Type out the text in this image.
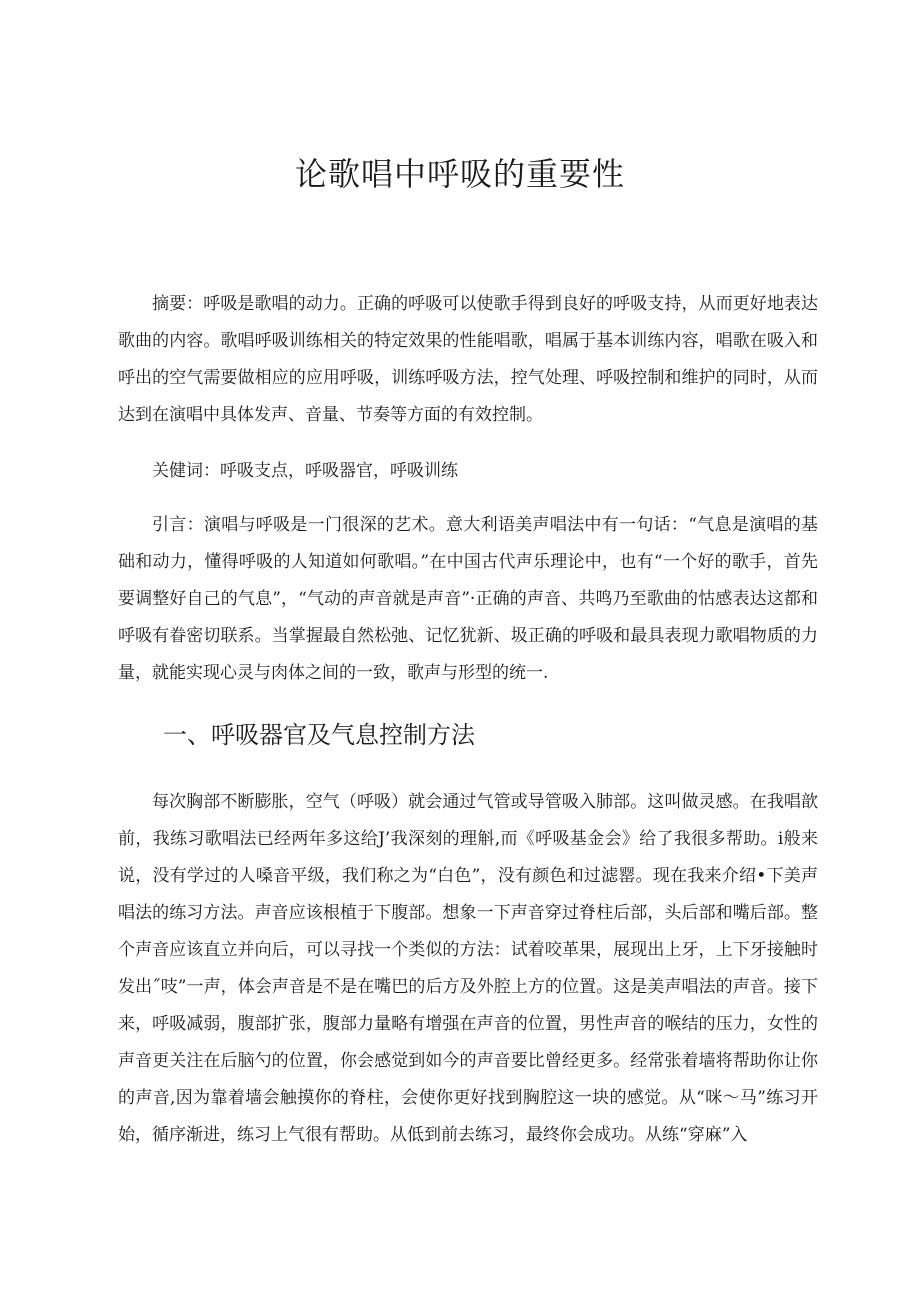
论歌唱中呼吸的重要性

摘要：呼吸是歌唱的动力。正确的呼吸可以使歌手得到良好的呼吸支持，从而更好地表达歌曲的内容。歌唱呼吸训练相关的特定效果的性能唱歌，唱属于基本训练内容，唱歌在吸入和呼出的空气需要做相应的应用呼吸，训练呼吸方法，控气处理、呼吸控制和维护的同时，从而达到在演唱中具体发声、音量、节奏等方面的有效控制。

关健词：呼吸支点，呼吸器官，呼吸训练

引言：演唱与呼吸是一门很深的艺术。意大利语美声唱法中有一句话：“气息是演唱的基础和动力，懂得呼吸的人知道如何歌唱。”在中国古代声乐理论中，也有“一个好的歌手，首先要调整好自己的气息”，“气动的声音就是声音”·正确的声音、共鸣乃至歌曲的怙感表达这都和呼吸有眷密切联系。当掌握最自然松弛、记忆犹新、圾正确的呼吸和最具表现力歌唱物质的力量，就能实现心灵与肉体之间的一致，歌声与形型的统一.

一、呼吸器官及气息控制方法

每次胸部不断膨胀，空气（呼吸）就会通过气管或导管吸入肺部。这叫做灵感。在我唱歆前，我练习歌唱法已经两年多这给J’我深刻的理斛,而《呼吸基金会》给了我很多帮助。i般来说，没有学过的人嗓音平级，我们称之为“白色”，没有颜色和过滤罂。现在我来介绍•下美声唱法的练习方法。声音应该根植于下腹部。想象一下声音穿过脊柱后部，头后部和嘴后部。整个声音应该直立并向后，可以寻找一个类似的方法：试着咬革果，展现出上牙，上下牙接触时发出˝吱”一声，体会声音是不是在嘴巴的后方及外腔上方的位置。这是美声唱法的声音。接下来，呼吸减弱，腹部扩张，腹部力量略有增强在声音的位置，男性声音的喉结的压力，女性的声音更关注在后脑勺的位置，你会感觉到如今的声音要比曾经更多。经常张着墙将帮助你让你的声音,因为靠着墙会触摸你的脊柱，会使你更好找到胸腔这一块的感觉。从“咪～马”练习开始，循序渐进，练习上气很有帮助。从低到前去练习，最终你会成功。从练“穿麻”入
